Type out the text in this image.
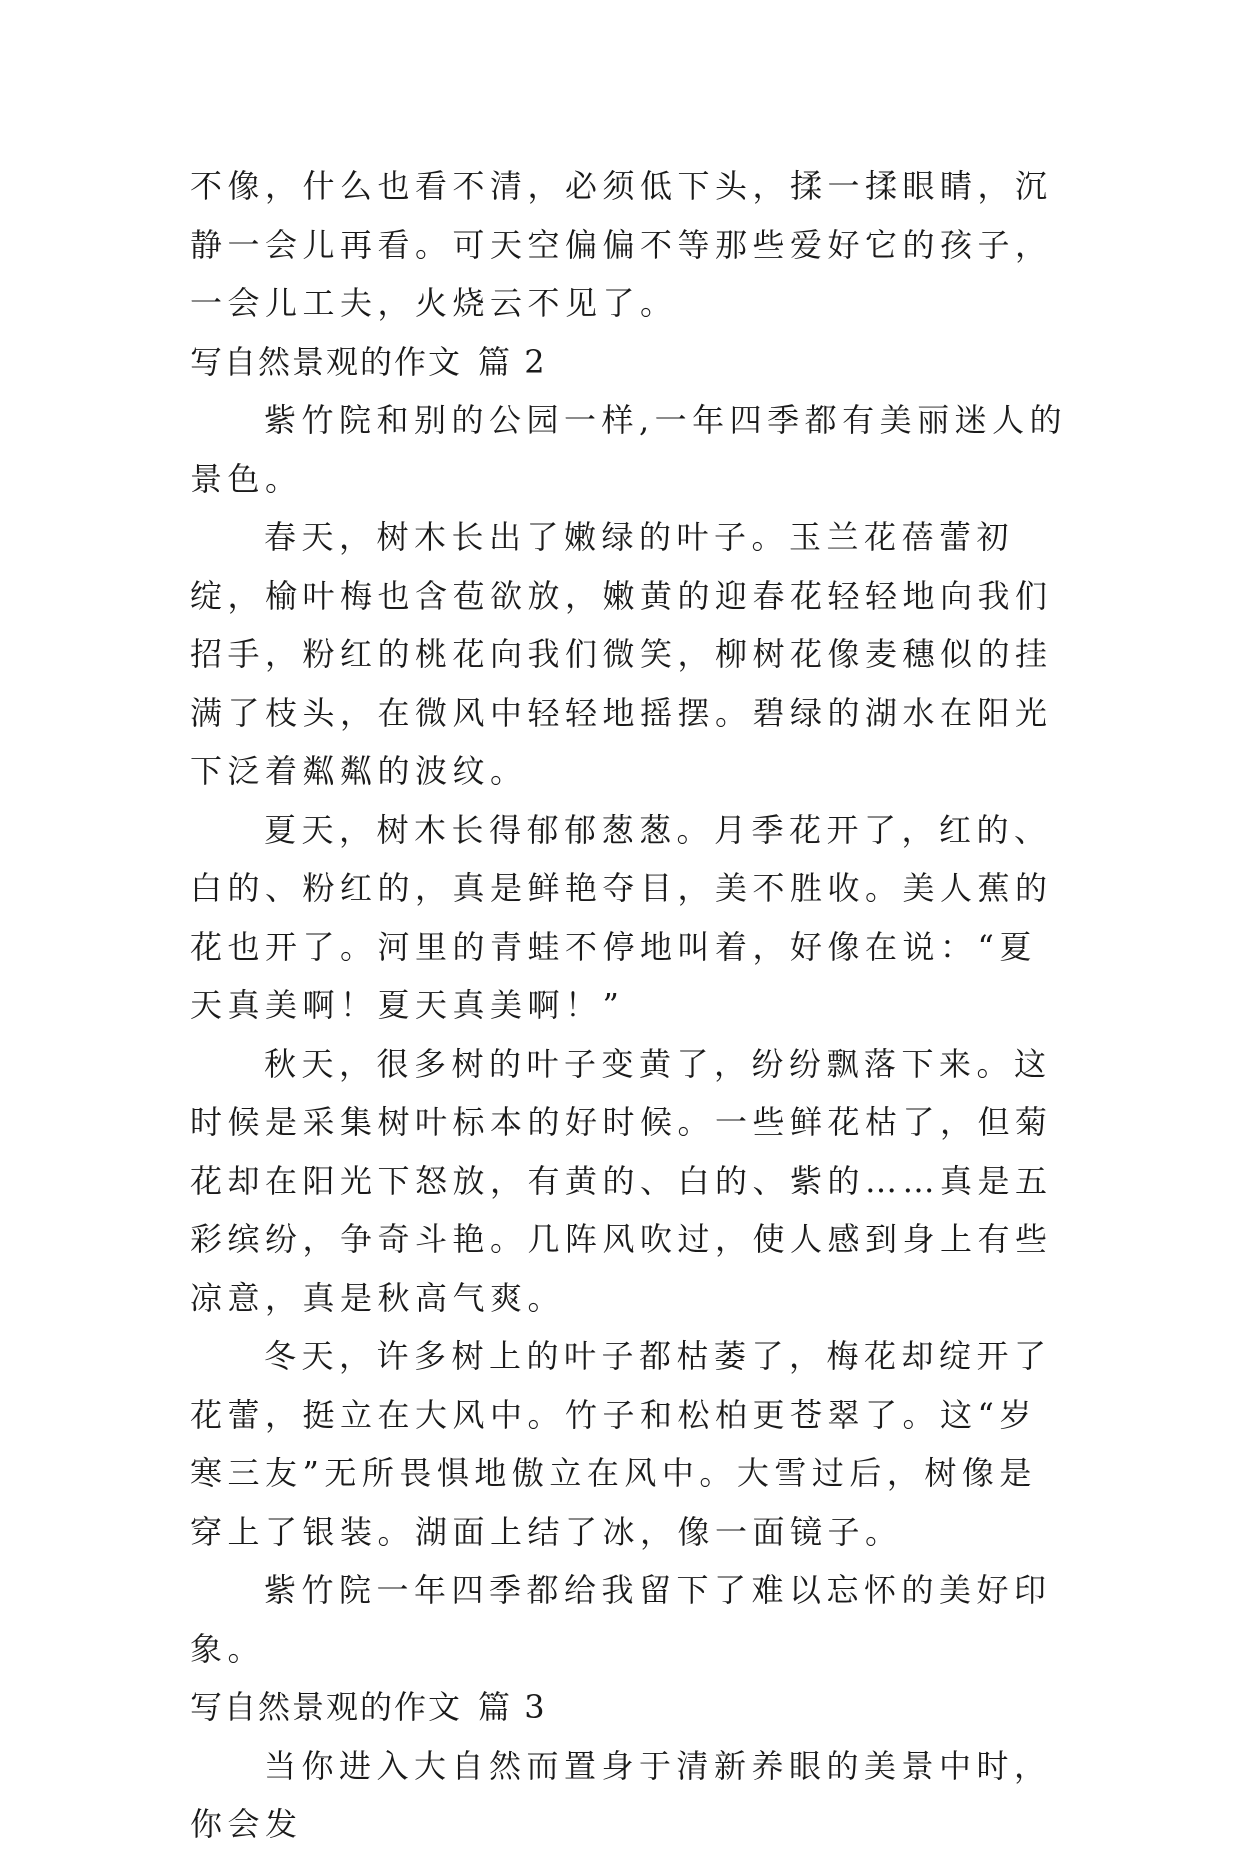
不像，什么也看不清，必须低下头，揉一揉眼睛，沉静一会儿再看。可天空偏偏不等那些爱好它的孩子，一会儿工夫，火烧云不见了。

写自然景观的作文 篇 2

紫竹院和别的公园一样,一年四季都有美丽迷人的景色。

春天，树木长出了嫩绿的叶子。玉兰花蓓蕾初绽，榆叶梅也含苞欲放，嫩黄的迎春花轻轻地向我们招手，粉红的桃花向我们微笑，柳树花像麦穗似的挂满了枝头，在微风中轻轻地摇摆。碧绿的湖水在阳光下泛着粼粼的波纹。

夏天，树木长得郁郁葱葱。月季花开了，红的、白的、粉红的，真是鲜艳夺目，美不胜收。美人蕉的花也开了。河里的青蛙不停地叫着，好像在说：“夏天真美啊！夏天真美啊！”

秋天，很多树的叶子变黄了，纷纷飘落下来。这时候是采集树叶标本的好时候。一些鲜花枯了，但菊花却在阳光下怒放，有黄的、白的、紫的……真是五彩缤纷，争奇斗艳。几阵风吹过，使人感到身上有些凉意，真是秋高气爽。

冬天，许多树上的叶子都枯萎了，梅花却绽开了花蕾，挺立在大风中。竹子和松柏更苍翠了。这“岁寒三友”无所畏惧地傲立在风中。大雪过后，树像是穿上了银装。湖面上结了冰，像一面镜子。

紫竹院一年四季都给我留下了难以忘怀的美好印象。

写自然景观的作文 篇 3

当你进入大自然而置身于清新养眼的美景中时，你会发
